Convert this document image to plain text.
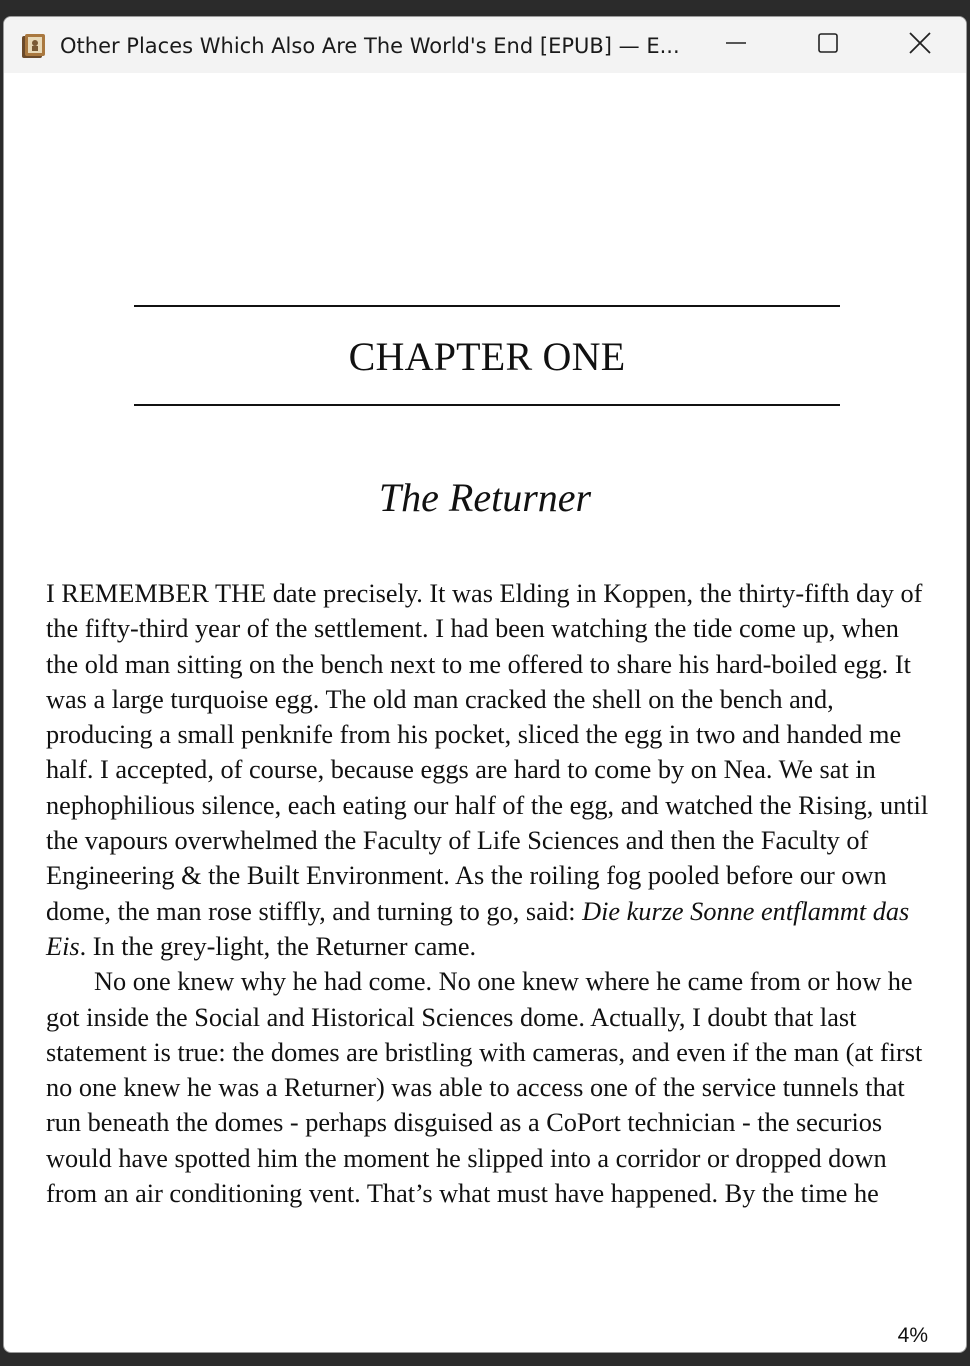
Other Places Which Also Are The World's End [EPUB] — E...
CHAPTER ONE
The Returner

I REMEMBER THE date precisely. It was Elding in Koppen, the thirty-fifth day of the fifty-third year of the settlement. I had been watching the tide come up, when the old man sitting on the bench next to me offered to share his hard-boiled egg. It was a large turquoise egg. The old man cracked the shell on the bench and, producing a small penknife from his pocket, sliced the egg in two and handed me half. I accepted, of course, because eggs are hard to come by on Nea. We sat in nephophilious silence, each eating our half of the egg, and watched the Rising, until the vapours overwhelmed the Faculty of Life Sciences and then the Faculty of Engineering & the Built Environment. As the roiling fog pooled before our own dome, the man rose stiffly, and turning to go, said: Die kurze Sonne entflammt das Eis. In the grey-light, the Returner came.

No one knew why he had come. No one knew where he came from or how he got inside the Social and Historical Sciences dome. Actually, I doubt that last statement is true: the domes are bristling with cameras, and even if the man (at first no one knew he was a Returner) was able to access one of the service tunnels that run beneath the domes - perhaps disguised as a CoPort technician - the securios would have spotted him the moment he slipped into a corridor or dropped down from an air conditioning vent. That’s what must have happened. By the time he

4%
